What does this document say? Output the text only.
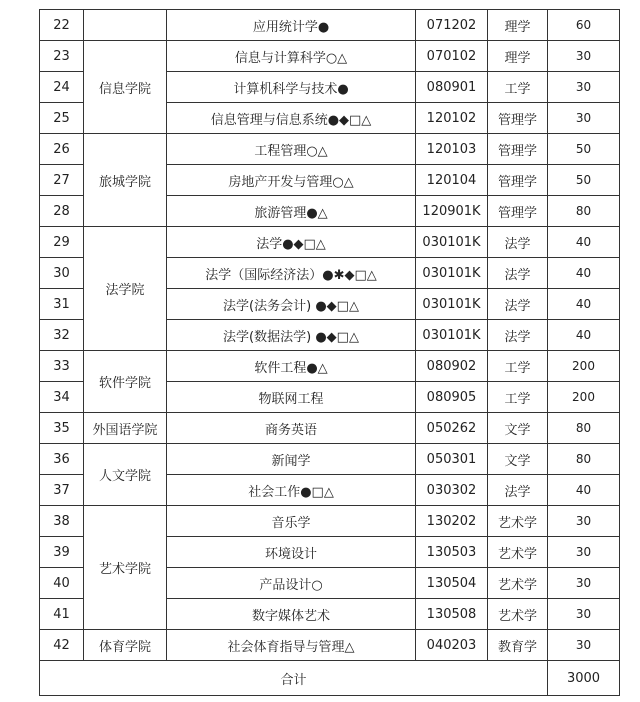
22		应用统计学●	071202	理学	60
23	信息学院	信息与计算科学○△	070102	理学	30
24		计算机科学与技术●	080901	工学	30
25		信息管理与信息系统●◆□△	120102	管理学	30
26	旅城学院	工程管理○△	120103	管理学	50
27		房地产开发与管理○△	120104	管理学	50
28		旅游管理●△	120901K	管理学	80
29	法学院	法学●◆□△	030101K	法学	40
30		法学（国际经济法）●✱◆□△	030101K	法学	40
31		法学(法务会计) ●◆□△	030101K	法学	40
32		法学(数据法学) ●◆□△	030101K	法学	40
33	软件学院	软件工程●△	080902	工学	200
34		物联网工程	080905	工学	200
35	外国语学院	商务英语	050262	文学	80
36	人文学院	新闻学	050301	文学	80
37		社会工作●□△	030302	法学	40
38	艺术学院	音乐学	130202	艺术学	30
39		环境设计	130503	艺术学	30
40		产品设计○	130504	艺术学	30
41		数字媒体艺术	130508	艺术学	30
42	体育学院	社会体育指导与管理△	040203	教育学	30
合计					3000
